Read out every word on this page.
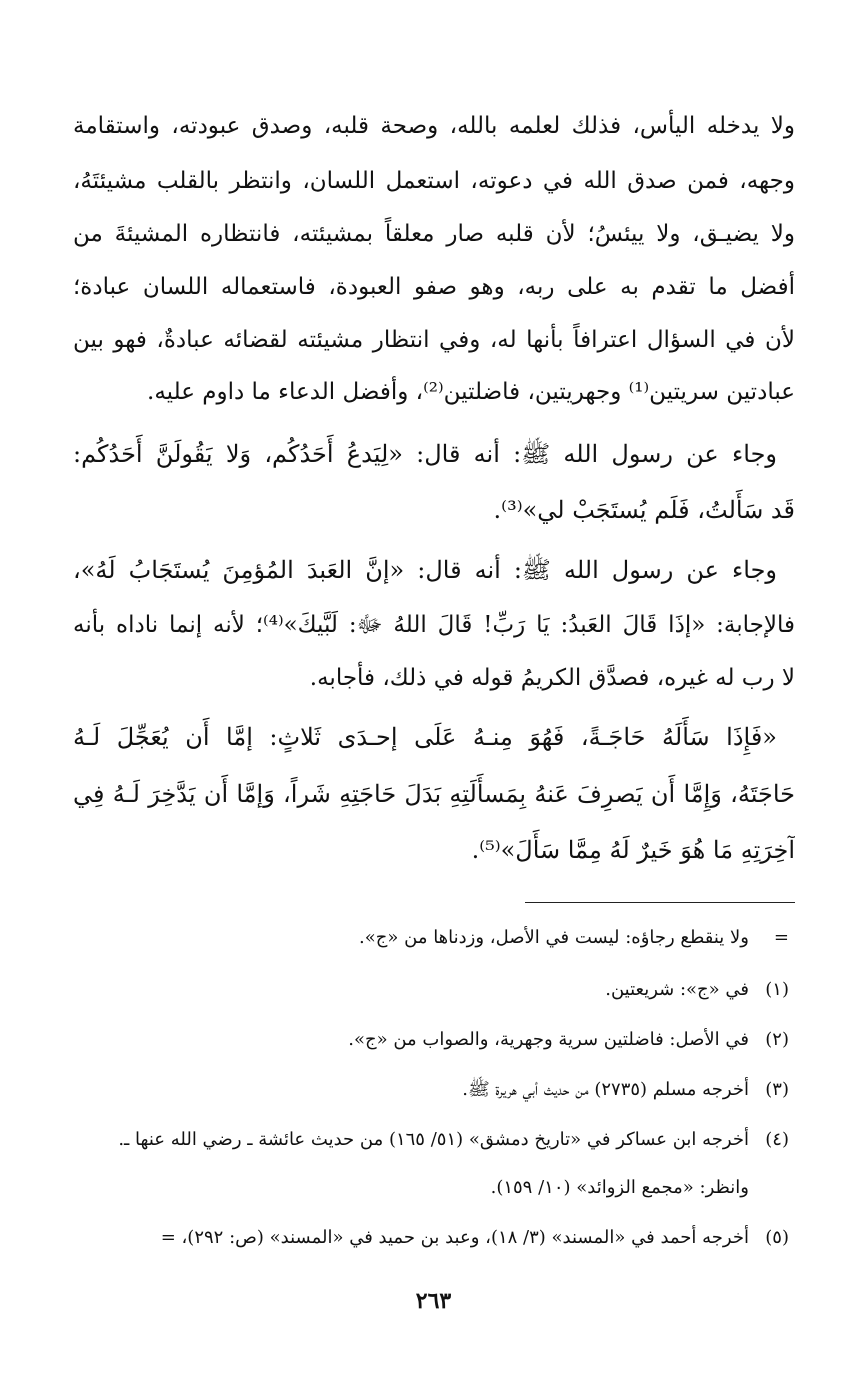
ولا يدخله اليأس، فذلك لعلمه بالله، وصحة قلبه، وصدق عبودته، واستقامة
وجهه، فمن صدق الله في دعوته، استعمل اللسان، وانتظر بالقلب مشيئتَهُ،
ولا يضيـق، ولا ييئسُ؛ لأن قلبه صار معلقاً بمشيئته، فانتظاره المشيئةَ من
أفضل ما تقدم به على ربه، وهو صفو العبودة، فاستعماله اللسان عبادة؛
لأن في السؤال اعترافاً بأنها له، وفي انتظار مشيئته لقضائه عبادةٌ، فهو بين
عبادتين سريتين⁽¹⁾ وجهريتين، فاضلتين⁽²⁾، وأفضل الدعاء ما داوم عليه.
وجاء عن رسول الله ﷺ: أنه قال: «لِيَدعُ أَحَدُكُم، وَلا يَقُولَنَّ أَحَدُكُم:
قَد سَأَلتُ، فَلَم يُستَجَبْ لي»⁽³⁾.
وجاء عن رسول الله ﷺ: أنه قال: «إنَّ العَبدَ المُؤمِنَ يُستَجَابُ لَهُ»،
فالإجابة: «إذَا قَالَ العَبدُ: يَا رَبِّ! قَالَ اللهُ ﷻ: لَبَّيكَ»⁽⁴⁾؛ لأنه إنما ناداه بأنه
لا رب له غيره، فصدَّق الكريمُ قوله في ذلك، فأجابه.
«فَإِذَا سَأَلَهُ حَاجَـةً، فَهُوَ مِنـهُ عَلَى إحـدَى ثَلاثٍ: إمَّا أَن يُعَجِّلَ لَـهُ
حَاجَتَهُ، وَإِمَّا أَن يَصرِفَ عَنهُ بِمَسأَلَتِهِ بَدَلَ حَاجَتِهِ شَراً، وَإمَّا أَن يَدَّخِرَ لَـهُ فِي
آخِرَتِهِ مَا هُوَ خَيرٌ لَهُ مِمَّا سَأَلَ»⁽⁵⁾.
=ولا ينقطع رجاؤه: ليست في الأصل، وزدناها من «ج».
(١)في «ج»: شريعتين.
(٢)في الأصل: فاضلتين سرية وجهرية، والصواب من «ج».
(٣)أخرجه مسلم (٢٧٣٥) من حديث أبي هريرة ﷺ.
(٤)أخرجه ابن عساكر في «تاريخ دمشق» (٥١/ ١٦٥) من حديث عائشة ـ رضي الله عنها ـ.
وانظر: «مجمع الزوائد» (١٠/ ١٥٩).
(٥)أخرجه أحمد في «المسند» (٣/ ١٨)، وعبد بن حميد في «المسند» (ص: ٢٩٢)، =
٢٦٣
